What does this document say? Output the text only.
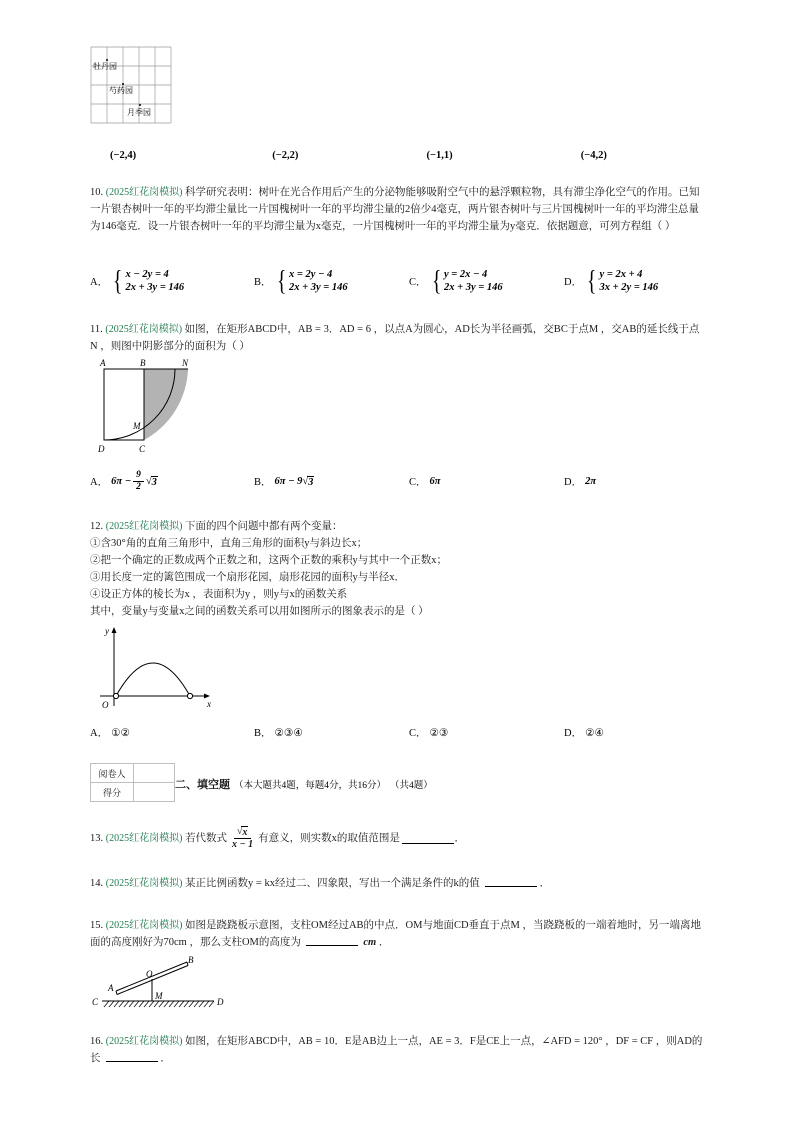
牡丹园
芍药园
月季园
(−2,4)	(−2,2)	(−1,1)	(−4,2)
10. (2025红花岗模拟) 科学研究表明：树叶在光合作用后产生的分泌物能够吸附空气中的悬浮颗粒物，具有滞尘净化空气的作用。已知一片银杏树叶一年的平均滞尘量比一片国槐树叶一年的平均滞尘量的2倍少4毫克，两片银杏树叶与三片国槐树叶一年的平均滞尘总量为146毫克．设一片银杏树叶一年的平均滞尘量为x毫克，一片国槐树叶一年的平均滞尘量为y毫克．依据题意，可列方程组（ ）
A． { x − 2y = 4
2x + 3y = 146	B． { x = 2y − 4
2x + 3y = 146	C． { y = 2x − 4
2x + 3y = 146	D． { y = 2x + 4
3x + 2y = 146
11. (2025红花岗模拟) 如图，在矩形ABCD中，AB = 3．AD = 6 ，以点A为圆心，AD长为半径画弧，交BC于点M ，交AB的延长线于点N ，则图中阴影部分的面积为（ ）
A	B	N
M
D	C
A． $6\pi - \frac{9}{2}$ √ 3	B． 6π − 9 √ 3	C． 6π	D． 2π
12. (2025红花岗模拟) 下面的四个问题中都有两个变量：
①含30°角的直角三角形中，直角三角形的面积y与斜边长x；
②把一个确定的正数成两个正数之和，这两个正数的乘积y与其中一个正数x；
③用长度一定的篱笆围成一个扇形花园，扇形花园的面积y与半径x．
④设正方体的棱长为x ，表面积为y ，则y与x的函数关系
其中，变量y与变量x之间的函数关系可以用如图所示的图象表示的是（ ）
y
x
O
A． ①②	B． ②③④	C． ②③	D． ②④
阅卷人	
得分	
二、填空题 （本大题共4题，每题4分，共16分） （共4题）
13.
(2025红花岗模拟)
若代数式 $\frac{√ x}{x - 1}$ 有意义，则实数x的取值范围是
	．
14. (2025红花岗模拟) 某正比例函数y = kx经过二、四象限，写出一个满足条件的k的值	．
15. (2025红花岗模拟) 如图是跷跷板示意图，支柱OM经过AB的中点．OM与地面CD垂直于点M ，当跷跷板的一端着地时，另一端离地面的高度刚好为70cm ，那么支柱OM的高度为	cm ．
A
B
O
M
C	D
16. (2025红花岗模拟) 如图，在矩形ABCD中，AB = 10．E是AB边上一点，AE = 3．F是CE上一点，∠AFD = 120° ，DF = CF ，则AD的长	．
